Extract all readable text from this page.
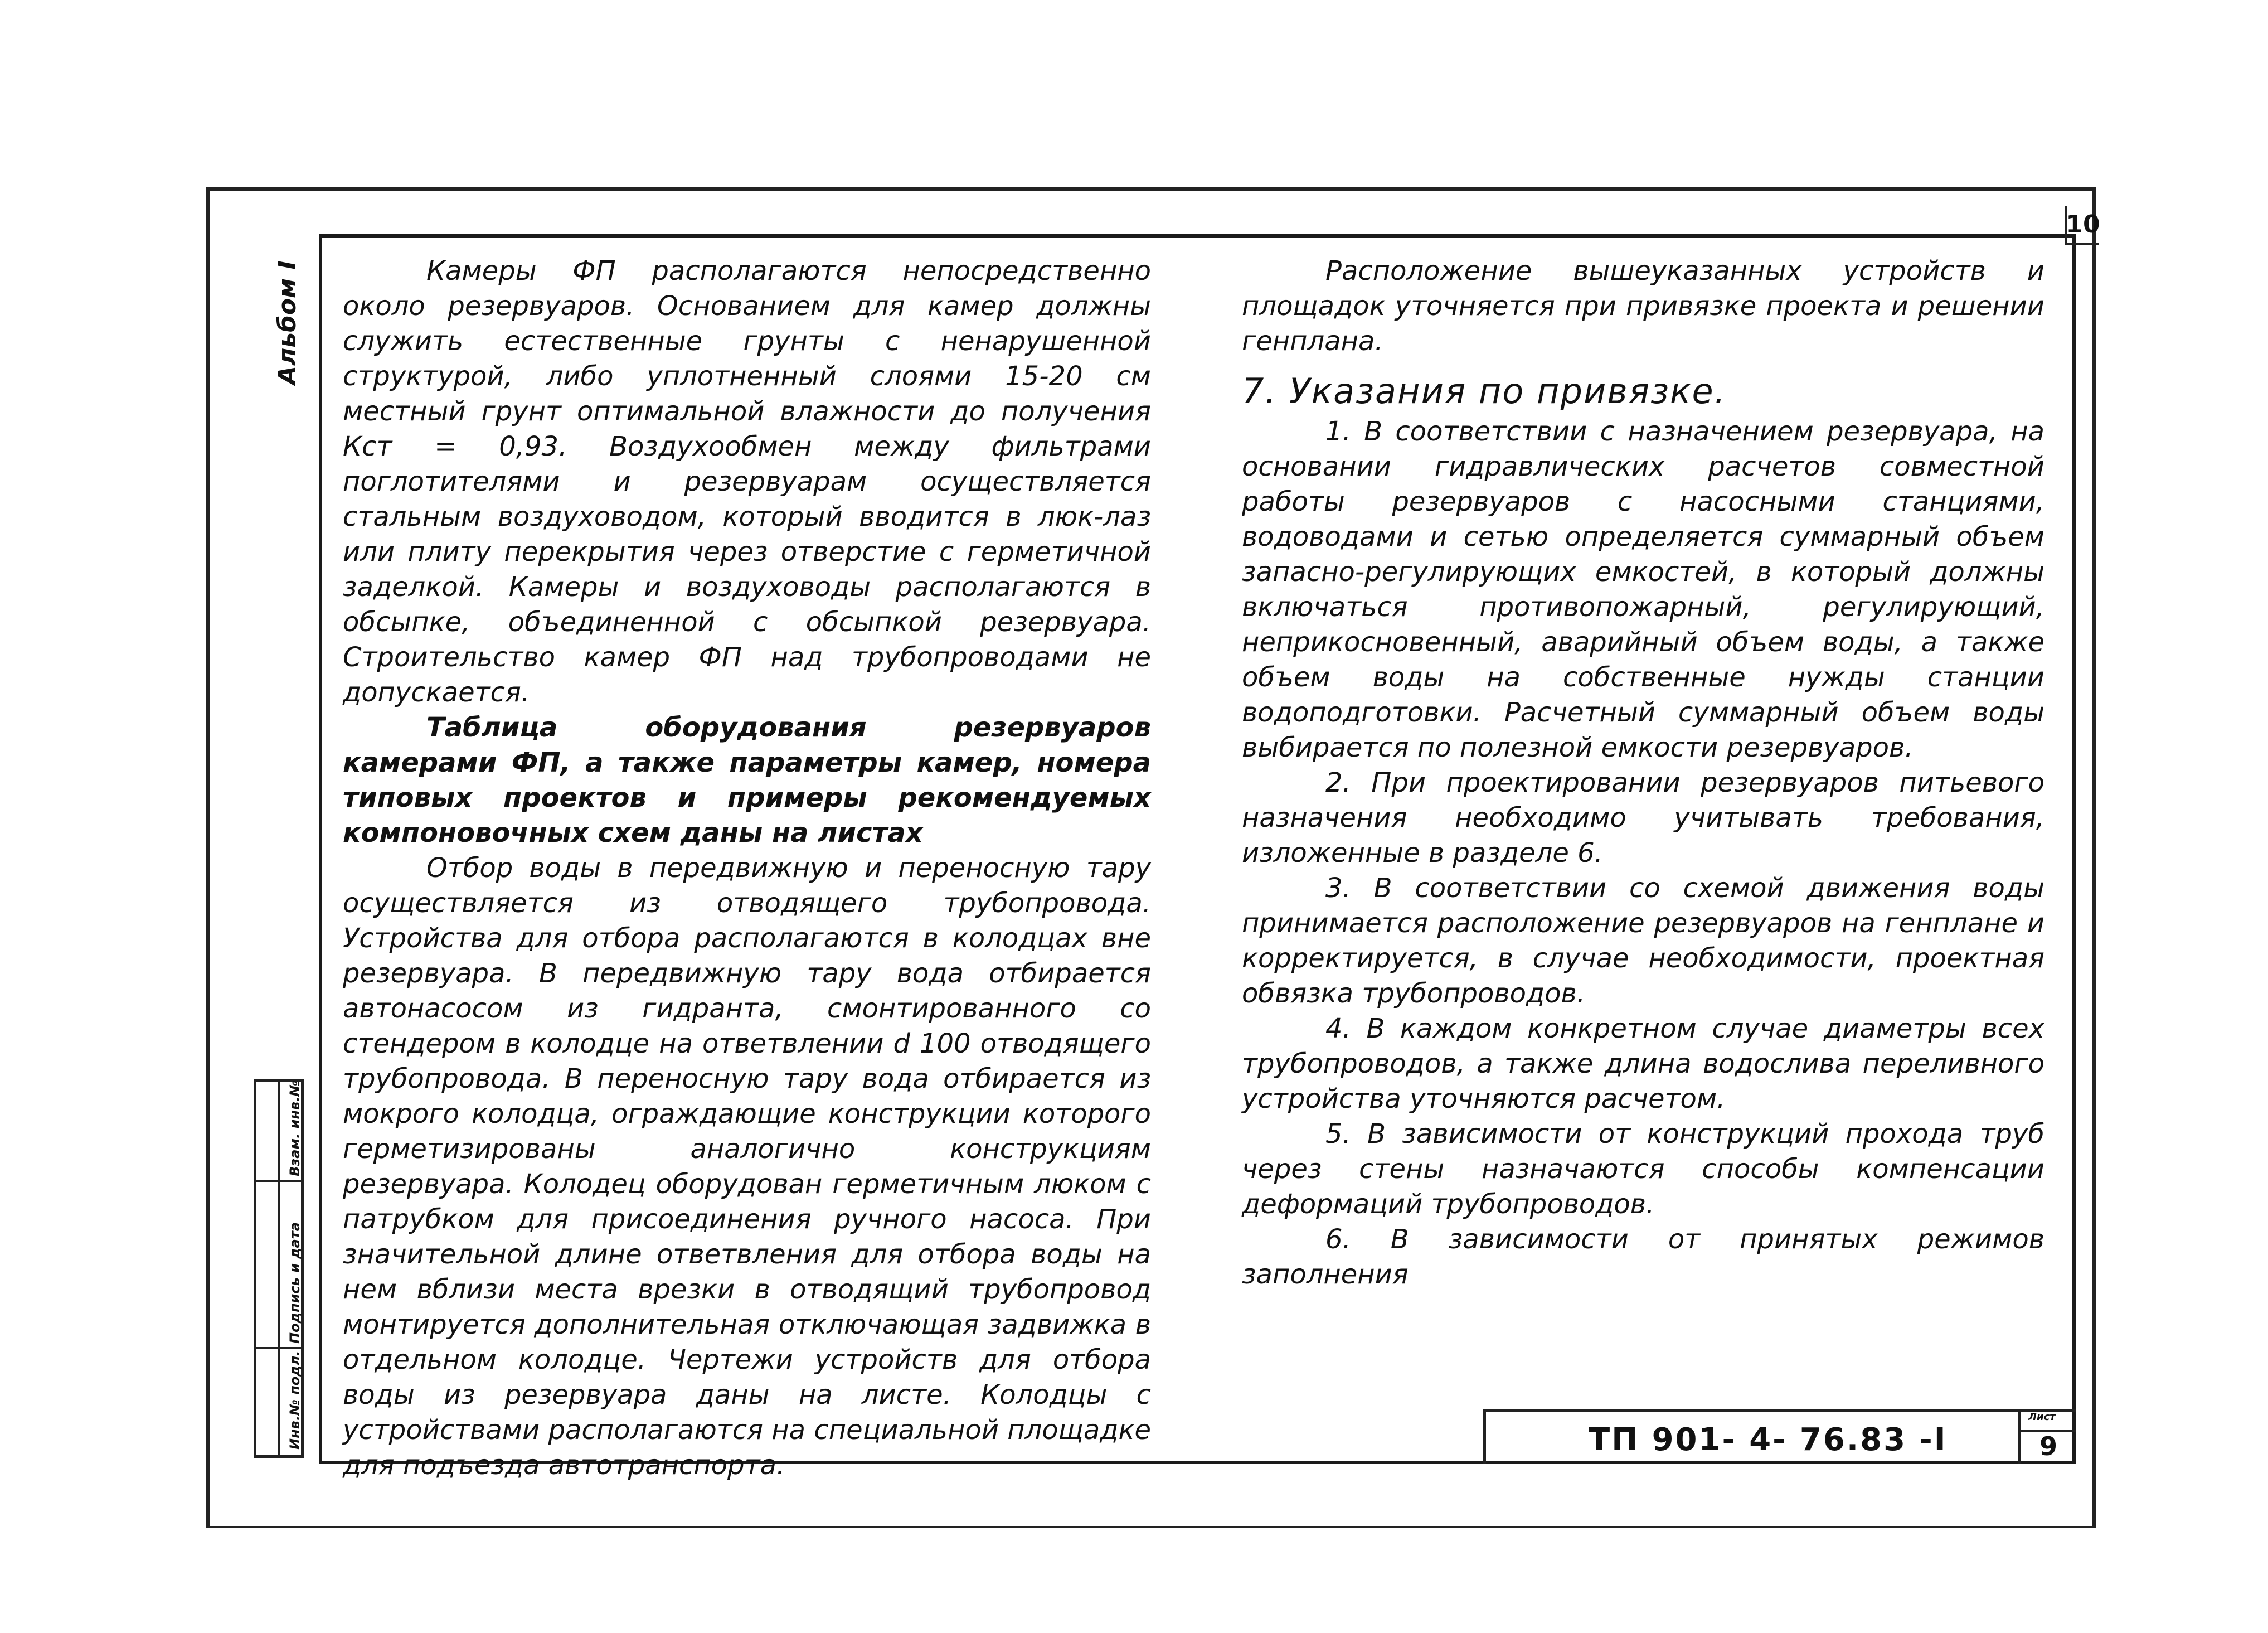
10
Альбом I
Взам. инв.№
Подпись и дата
Инв.№ подл.

Камеры ФП располагаются непосредственно около резервуаров. Основанием для камер должны служить естественные грунты с ненарушенной структурой, либо уплотненный слоями 15-20 см местный грунт оптимальной влажности до получения Кст = 0,93. Воздухообмен между фильтрами поглотителями и резервуарам осуществляется стальным воздуховодом, который вводится в люк-лаз или плиту перекрытия через отверстие с герметичной заделкой. Камеры и воздуховоды располагаются в обсыпке, объединенной с обсыпкой резервуара. Строительство камер ФП над трубопроводами не допускается.

Таблица оборудования резервуаров камерами ФП, а также параметры камер, номера типовых проектов и примеры рекомендуемых компоновочных схем даны на листах

Отбор воды в передвижную и переносную тару осуществляется из отводящего трубопровода. Устройства для отбора располагаются в колодцах вне резервуара. В передвижную тару вода отбирается автонасосом из гидранта, смонтированного со стендером в колодце на ответвлении d 100 отводящего трубопровода. В переносную тару вода отбирается из мокрого колодца, ограждающие конструкции которого герметизированы аналогично конструкциям резервуара. Колодец оборудован герметичным люком с патрубком для присоединения ручного насоса. При значительной длине ответвления для отбора воды на нем вблизи места врезки в отводящий трубопровод монтируется дополнительная отключающая задвижка в отдельном колодце. Чертежи устройств для отбора воды из резервуара даны на листе. Колодцы с устройствами располагаются на специальной площадке для подъезда автотранспорта.

Расположение вышеуказанных устройств и площадок уточняется при привязке проекта и решении генплана.

7. Указания по привязке.

1. В соответствии с назначением резервуара, на основании гидравлических расчетов совместной работы резервуаров с насосными станциями, водоводами и сетью определяется суммарный объем запасно-регулирующих емкостей, в который должны включаться противопожарный, регулирующий, неприкосновенный, аварийный объем воды, а также объем воды на собственные нужды станции водоподготовки. Расчетный суммарный объем воды выбирается по полезной емкости резервуаров.

2. При проектировании резервуаров питьевого назначения необходимо учитывать требования, изложенные в разделе 6.

3. В соответствии со схемой движения воды принимается расположение резервуаров на генплане и корректируется, в случае необходимости, проектная обвязка трубопроводов.

4. В каждом конкретном случае диаметры всех трубопроводов, а также длина водослива переливного устройства уточняются расчетом.

5. В зависимости от конструкций прохода труб через стены назначаются способы компенсации деформаций трубопроводов.

6. В зависимости от принятых режимов заполнения

ТП 901- 4- 76.83 -I
Лист
9
